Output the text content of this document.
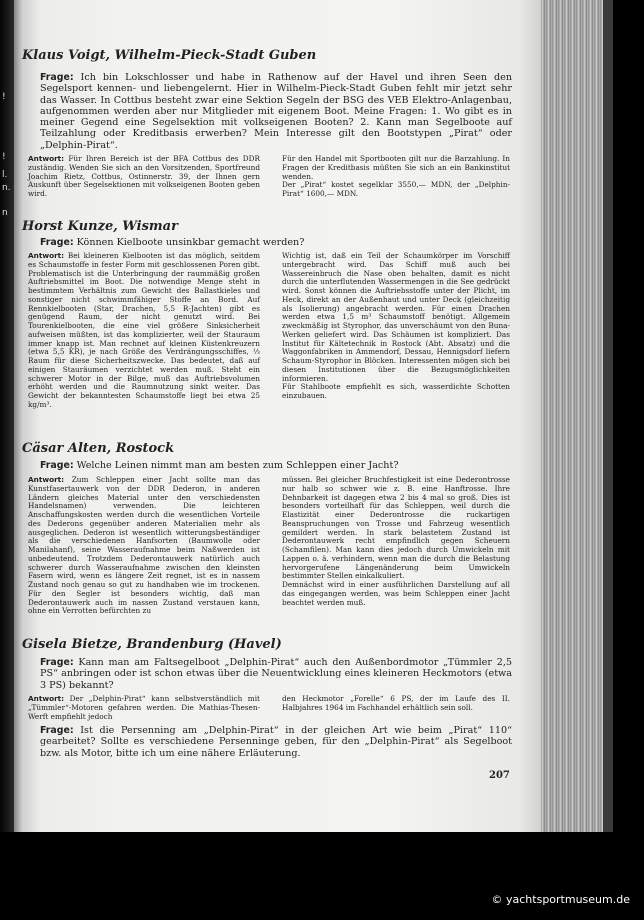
!
!
l.
n.
n
Klaus Voigt, Wilhelm-Pieck-Stadt Guben
Frage: Ich bin Lokschlosser und habe in Rathenow auf der Havel und ihren Seen den Segelsport kennen- und liebengelernt. Hier in Wilhelm-Pieck-Stadt Guben fehlt mir jetzt sehr das Wasser. In Cottbus besteht zwar eine Sektion Segeln der BSG des VEB Elektro-Anlagenbau, aufgenommen werden aber nur Mitglieder mit eigenem Boot. Meine Fragen: 1. Wo gibt es in meiner Gegend eine Segelsektion mit volkseigenen Booten? 2. Kann man Segelboote auf Teilzahlung oder Kreditbasis erwerben? Mein Interesse gilt den Bootstypen „Pirat“ oder „Delphin-Pirat“.
Antwort: Für Ihren Bereich ist der BFA Cottbus des DDR zuständig. Wenden Sie sich an den Vorsitzenden, Sportfreund Joachim Rietz, Cottbus, Ostinnerstr. 39, der Ihnen gern Auskunft über Segelsektionen mit volkseigenen Booten geben wird.
Für den Handel mit Sportbooten gilt nur die Barzahlung. In Fragen der Kreditbasis müßten Sie sich an ein Bankinstitut wenden.
Der „Pirat“ kostet segelklar 3550,— MDN, der „Delphin-Pirat“ 1600,— MDN.
Horst Kunze, Wismar
Frage: Können Kielboote unsinkbar gemacht werden?
Antwort: Bei kleineren Kielbooten ist das möglich, seitdem es Schaumstoffe in fester Form mit geschlossenen Poren gibt. Problematisch ist die Unterbringung der raummäßig großen Auftriebsmittel im Boot. Die notwendige Menge steht in bestimmtem Verhältnis zum Gewicht des Ballastkieles und sonstiger nicht schwimmfähiger Stoffe an Bord. Auf Rennkielbooten (Star, Drachen, 5,5 R-Jachten) gibt es genügend Raum, der nicht genutzt wird. Bei Tourenkielbooten, die eine viel größere Sinksicherheit aufweisen müßten, ist das komplizierter, weil der Stauraum immer knapp ist. Man rechnet auf kleinen Küstenkreuzern (etwa 5,5 KR), je nach Größe des Verdrängungsschiffes, ⅓ Raum für diese Sicherheitszwecke. Das bedeutet, daß auf einigen Stauräumen verzichtet werden muß. Steht ein schwerer Motor in der Bilge, muß das Auftriebsvolumen erhöht werden und die Raumnutzung sinkt weiter. Das Gewicht der bekanntesten Schaumstoffe liegt bei etwa 25 kg/m³.
Wichtig ist, daß ein Teil der Schaumkörper im Vorschiff untergebracht wird. Das Schiff muß auch bei Wassereinbruch die Nase oben behalten, damit es nicht durch die unterflutenden Wassermengen in die See gedrückt wird. Sonst können die Auftriebsstoffe unter der Plicht, im Heck, direkt an der Außenhaut und unter Deck (gleichzeitig als Isolierung) angebracht werden. Für einen Drachen werden etwa 1,5 m³ Schaumstoff benötigt. Allgemein zweckmäßig ist Styrophor, das unverschäumt von den Buna-Werken geliefert wird. Das Schäumen ist kompliziert. Das Institut für Kältetechnik in Rostock (Abt. Absatz) und die Waggonfabriken in Ammendorf, Dessau, Hennigsdorf liefern Schaum-Styrophor in Blöcken. Interessenten mögen sich bei diesen Institutionen über die Bezugsmöglichkeiten informieren.
Für Stahlboote empfiehlt es sich, wasserdichte Schotten einzubauen.
Cäsar Alten, Rostock
Frage: Welche Leinen nimmt man am besten zum Schleppen einer Jacht?
Antwort: Zum Schleppen einer Jacht sollte man das Kunstfasertauwerk von der DDR Dederon, in anderen Ländern gleiches Material unter den verschiedensten Handelsnamen) verwenden. Die leichteren Anschaffungskosten werden durch die wesentlichen Vorteile des Dederons gegenüber anderen Materialien mehr als ausgeglichen. Dederon ist wesentlich witterungsbeständiger als die verschiedenen Hanfsorten (Baumwolle oder Manilahanf), seine Wasseraufnahme beim Naßwerden ist unbedeutend. Trotzdem Dederontauwerk natürlich auch schwerer durch Wasseraufnahme zwischen den kleinsten Fasern wird, wenn es längere Zeit regnet, ist es in nassem Zustand noch genau so gut zu handhaben wie im trockenen. Für den Segler ist besonders wichtig, daß man Dederontauwerk auch im nassen Zustand verstauen kann, ohne ein Verrotten befürchten zu
müssen. Bei gleicher Bruchfestigkeit ist eine Dederontrosse nur halb so schwer wie z. B. eine Hanftrosse. Ihre Dehnbarkeit ist dagegen etwa 2 bis 4 mal so groß. Dies ist besonders vorteilhaft für das Schleppen, weil durch die Elastizität einer Dederontrosse die ruckartigen Beanspruchungen von Trosse und Fahrzeug wesentlich gemildert werden. In stark belastetem Zustand ist Dederontauwerk recht empfindlich gegen Scheuern (Schamfilen). Man kann dies jedoch durch Umwickeln mit Lappen o. ä. verhindern, wenn man die durch die Belastung hervorgerufene Längenänderung beim Umwickeln bestimmter Stellen einkalkuliert.
Demnächst wird in einer ausführlichen Darstellung auf all das eingegangen werden, was beim Schleppen einer Jacht beachtet werden muß.
Gisela Bietze, Brandenburg (Havel)
Frage: Kann man am Faltsegelboot „Delphin-Pirat“ auch den Außenbordmotor „Tümmler 2,5 PS“ anbringen oder ist schon etwas über die Neuentwicklung eines kleineren Heckmotors (etwa 3 PS) bekannt?
Antwort: Der „Delphin-Pirat“ kann selbstverständlich mit „Tümmler“-Motoren gefahren werden. Die Mathias-Thesen-Werft empfiehlt jedoch
den Heckmotor „Forelle“ 6 PS, der im Laufe des II. Halbjahres 1964 im Fachhandel erhältlich sein soll.
Frage: Ist die Persenning am „Delphin-Pirat“ in der gleichen Art wie beim „Pirat“ 110“ gearbeitet? Sollte es verschiedene Persenninge geben, für den „Delphin-Pirat“ als Segelboot bzw. als Motor, bitte ich um eine nähere Erläuterung.
207
© yachtsportmuseum.de
